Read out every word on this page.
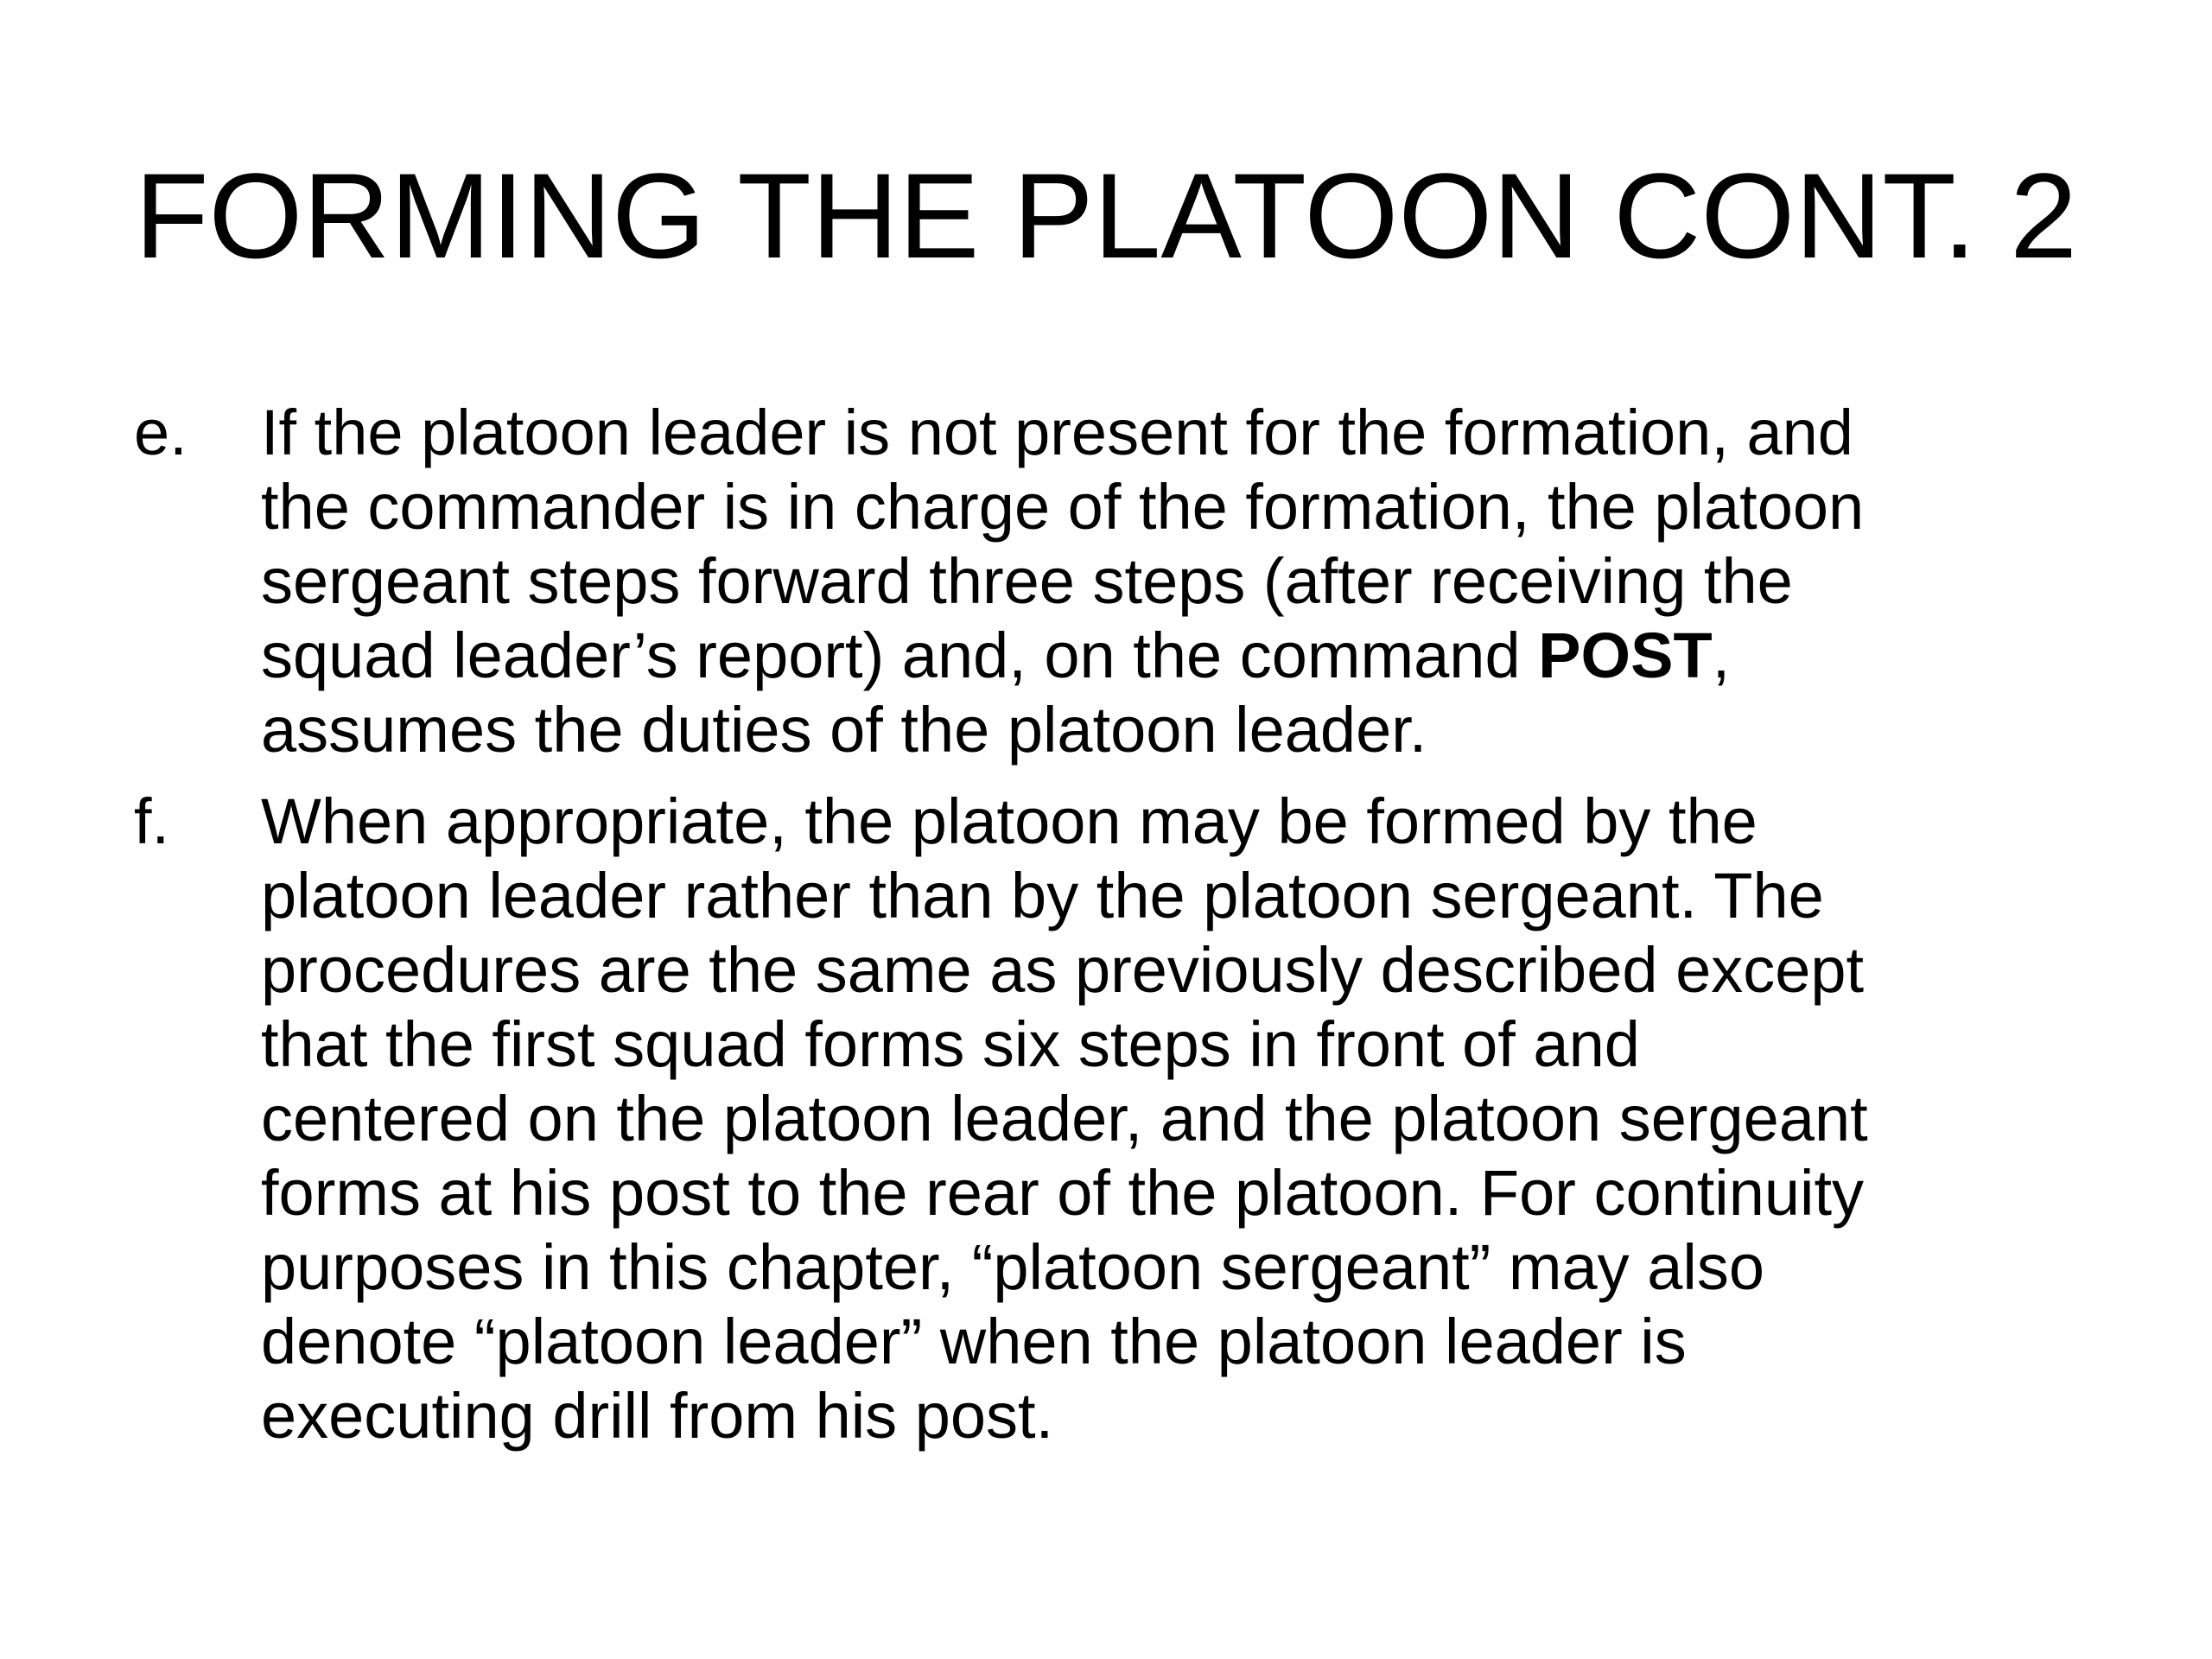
FORMING THE PLATOON CONT. 2
e. If the platoon leader is not present for the formation, and
the commander is in charge of the formation, the platoon
sergeant steps forward three steps (after receiving the
squad leader’s report) and, on the command POST,
assumes the duties of the platoon leader.
f. When appropriate, the platoon may be formed by the
platoon leader rather than by the platoon sergeant. The
procedures are the same as previously described except
that the first squad forms six steps in front of and
centered on the platoon leader, and the platoon sergeant
forms at his post to the rear of the platoon. For continuity
purposes in this chapter, “platoon sergeant” may also
denote “platoon leader” when the platoon leader is
executing drill from his post.
